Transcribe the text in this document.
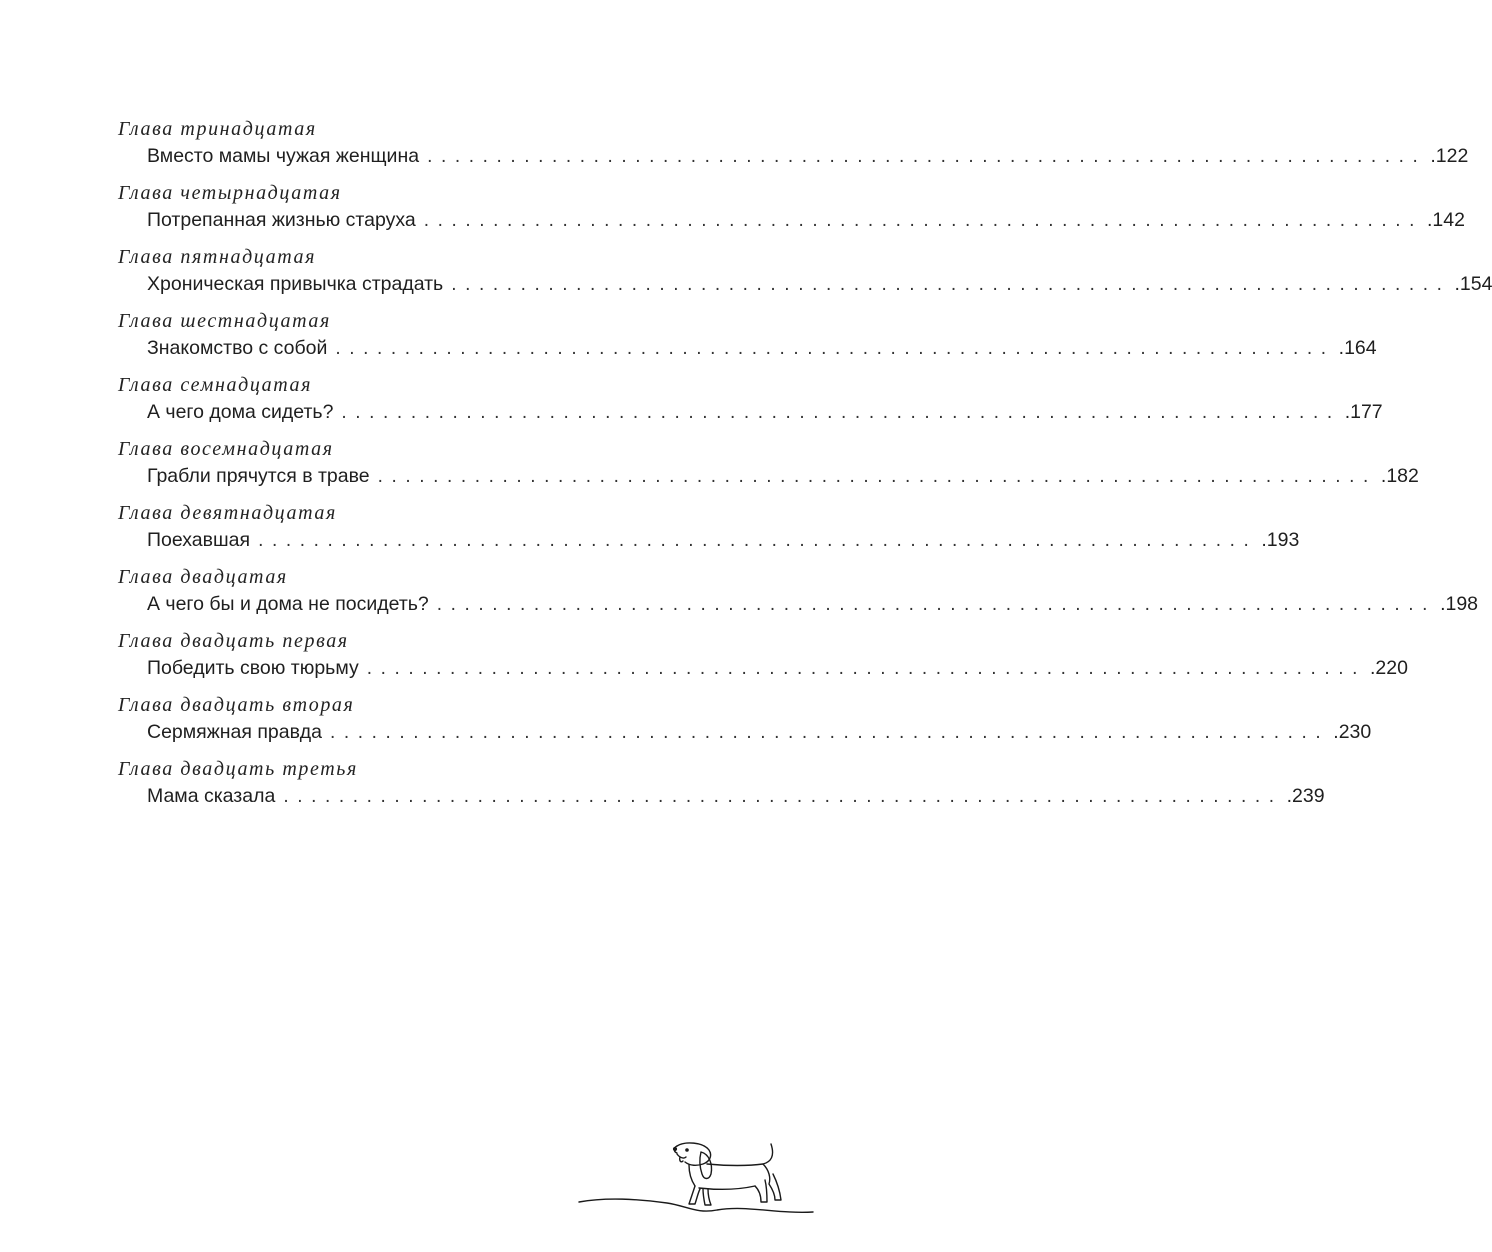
Глава тринадцатая
Вместо мамы чужая женщина ........................................................................ .122
Глава четырнадцатая
Потрепанная жизнью старуха ........................................................................ .142
Глава пятнадцатая
Хроническая привычка страдать ........................................................................ .154
Глава шестнадцатая
Знакомство с собой ........................................................................ .164
Глава семнадцатая
А чего дома сидеть? ........................................................................ .177
Глава восемнадцатая
Грабли прячутся в траве ........................................................................ .182
Глава девятнадцатая
Поехавшая ........................................................................ .193
Глава двадцатая
А чего бы и дома не посидеть? ........................................................................ .198
Глава двадцать первая
Победить свою тюрьму ........................................................................ .220
Глава двадцать вторая
Сермяжная правда ........................................................................ .230
Глава двадцать третья
Мама сказала ........................................................................ .239
